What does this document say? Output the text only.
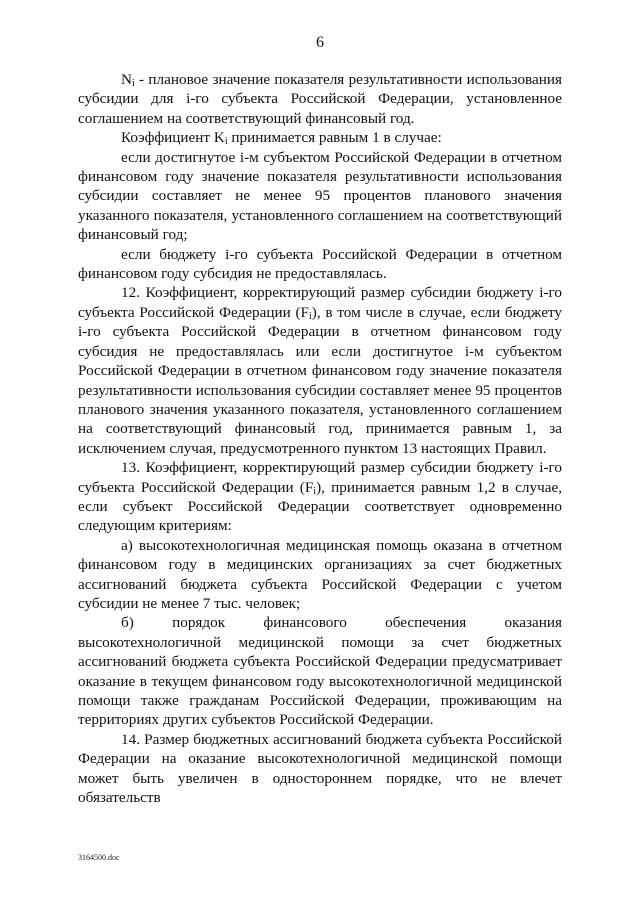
6

$N_i$ - плановое значение показателя результативности использования субсидии для i-го субъекта Российской Федерации, установленное соглашением на соответствующий финансовый год.

Коэффициент $K_i$ принимается равным 1 в случае:

если достигнутое i-м субъектом Российской Федерации в отчетном финансовом году значение показателя результативности использования субсидии составляет не менее 95 процентов планового значения указанного показателя, установленного соглашением на соответствующий финансовый год;

если бюджету i-го субъекта Российской Федерации в отчетном финансовом году субсидия не предоставлялась.

12. Коэффициент, корректирующий размер субсидии бюджету i-го субъекта Российской Федерации $(F_i)$, в том числе в случае, если бюджету i-го субъекта Российской Федерации в отчетном финансовом году субсидия не предоставлялась или если достигнутое i-м субъектом Российской Федерации в отчетном финансовом году значение показателя результативности использования субсидии составляет менее 95 процентов планового значения указанного показателя, установленного соглашением на соответствующий финансовый год, принимается равным 1, за исключением случая, предусмотренного пунктом 13 настоящих Правил.

13. Коэффициент, корректирующий размер субсидии бюджету i-го субъекта Российской Федерации $(F_i)$, принимается равным 1,2 в случае, если субъект Российской Федерации соответствует одновременно следующим критериям:

а) высокотехнологичная медицинская помощь оказана в отчетном финансовом году в медицинских организациях за счет бюджетных ассигнований бюджета субъекта Российской Федерации с учетом субсидии не менее 7 тыс. человек;

б) порядок финансового обеспечения оказания высокотехнологичной медицинской помощи за счет бюджетных ассигнований бюджета субъекта Российской Федерации предусматривает оказание в текущем финансовом году высокотехнологичной медицинской помощи также гражданам Российской Федерации, проживающим на территориях других субъектов Российской Федерации.

14. Размер бюджетных ассигнований бюджета субъекта Российской Федерации на оказание высокотехнологичной медицинской помощи может быть увеличен в одностороннем порядке, что не влечет обязательств

3164500.doc
